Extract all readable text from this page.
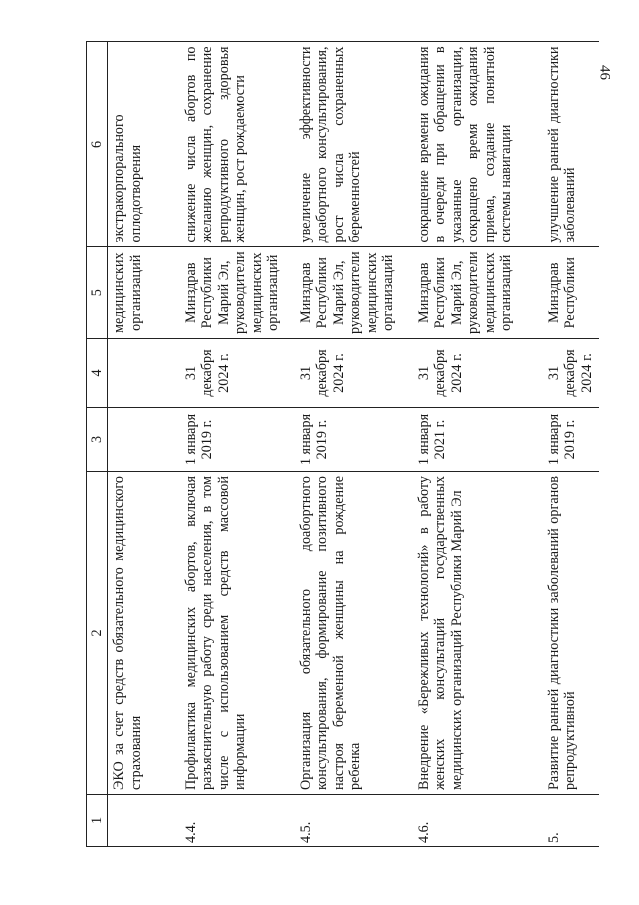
46
1	2	3	4	5	6
	ЭКО за счет средств обязательного медицинского страхования			медицинских организаций	экстракорпорального оплодотворения
4.4.	Профилактика медицинских абортов, включая разъяснительную работу среди населения, в том числе с использованием средств массовой информации	1 января 2019 г.	31 декабря 2024 г.	Минздрав Республики Марий Эл, руководители медицинских организаций	снижение числа абортов по желанию женщин, сохранение репродуктивного здоровья женщин, рост рождаемости
4.5.	Организация обязательного доабортного консультирования, формирование позитивного настроя беременной женщины на рождение ребенка	1 января 2019 г.	31 декабря 2024 г.	Минздрав Республики Марий Эл, руководители медицинских организаций	увеличение эффективности доабортного консультирования, рост числа сохраненных беременностей
4.6.	Внедрение «Бережливых технологий» в работу женских консультаций государственных медицинских организаций Республики Марий Эл	1 января 2021 г.	31 декабря 2024 г.	Минздрав Республики Марий Эл, руководители медицинских организаций	сокращение времени ожидания в очереди при обращении в указанные организации, сокращено время ожидания приема, создание понятной системы навигации
5.	Развитие ранней диагностики заболеваний органов репродуктивной	1 января 2019 г.	31 декабря 2024 г.	Минздрав Республики	улучшение ранней диагностики заболеваний
